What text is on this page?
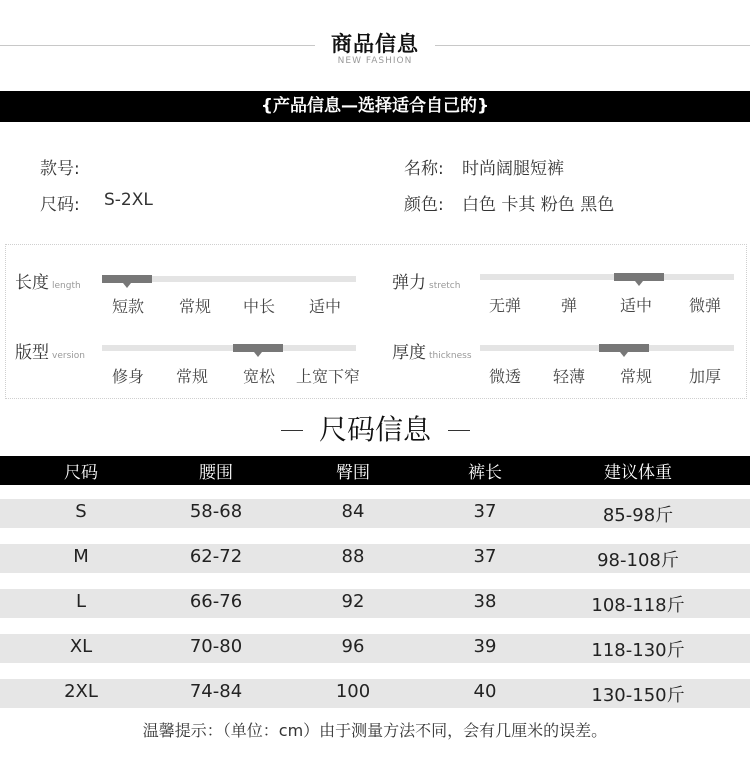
商品信息
NEW FASHION
{产品信息—选择适合自己的}
款号:
尺码: S-2XL
名称: 时尚阔腿短裤
颜色: 白色 卡其 粉色 黑色
长度 length
短款	常规	中长	适中
弹力 stretch
无弹	弹	适中	微弹
版型 version
修身	常规	宽松	上宽下窄
厚度 thickness
微透	轻薄	常规	加厚
尺码信息
尺码	腰围	臀围	裤长	建议体重
S	58-68	84	37	85-98斤
M	62-72	88	37	98-108斤
L	66-76	92	38	108-118斤
XL	70-80	96	39	118-130斤
2XL	74-84	100	40	130-150斤
温馨提示：（单位：cm）由于测量方法不同，会有几厘米的误差。
